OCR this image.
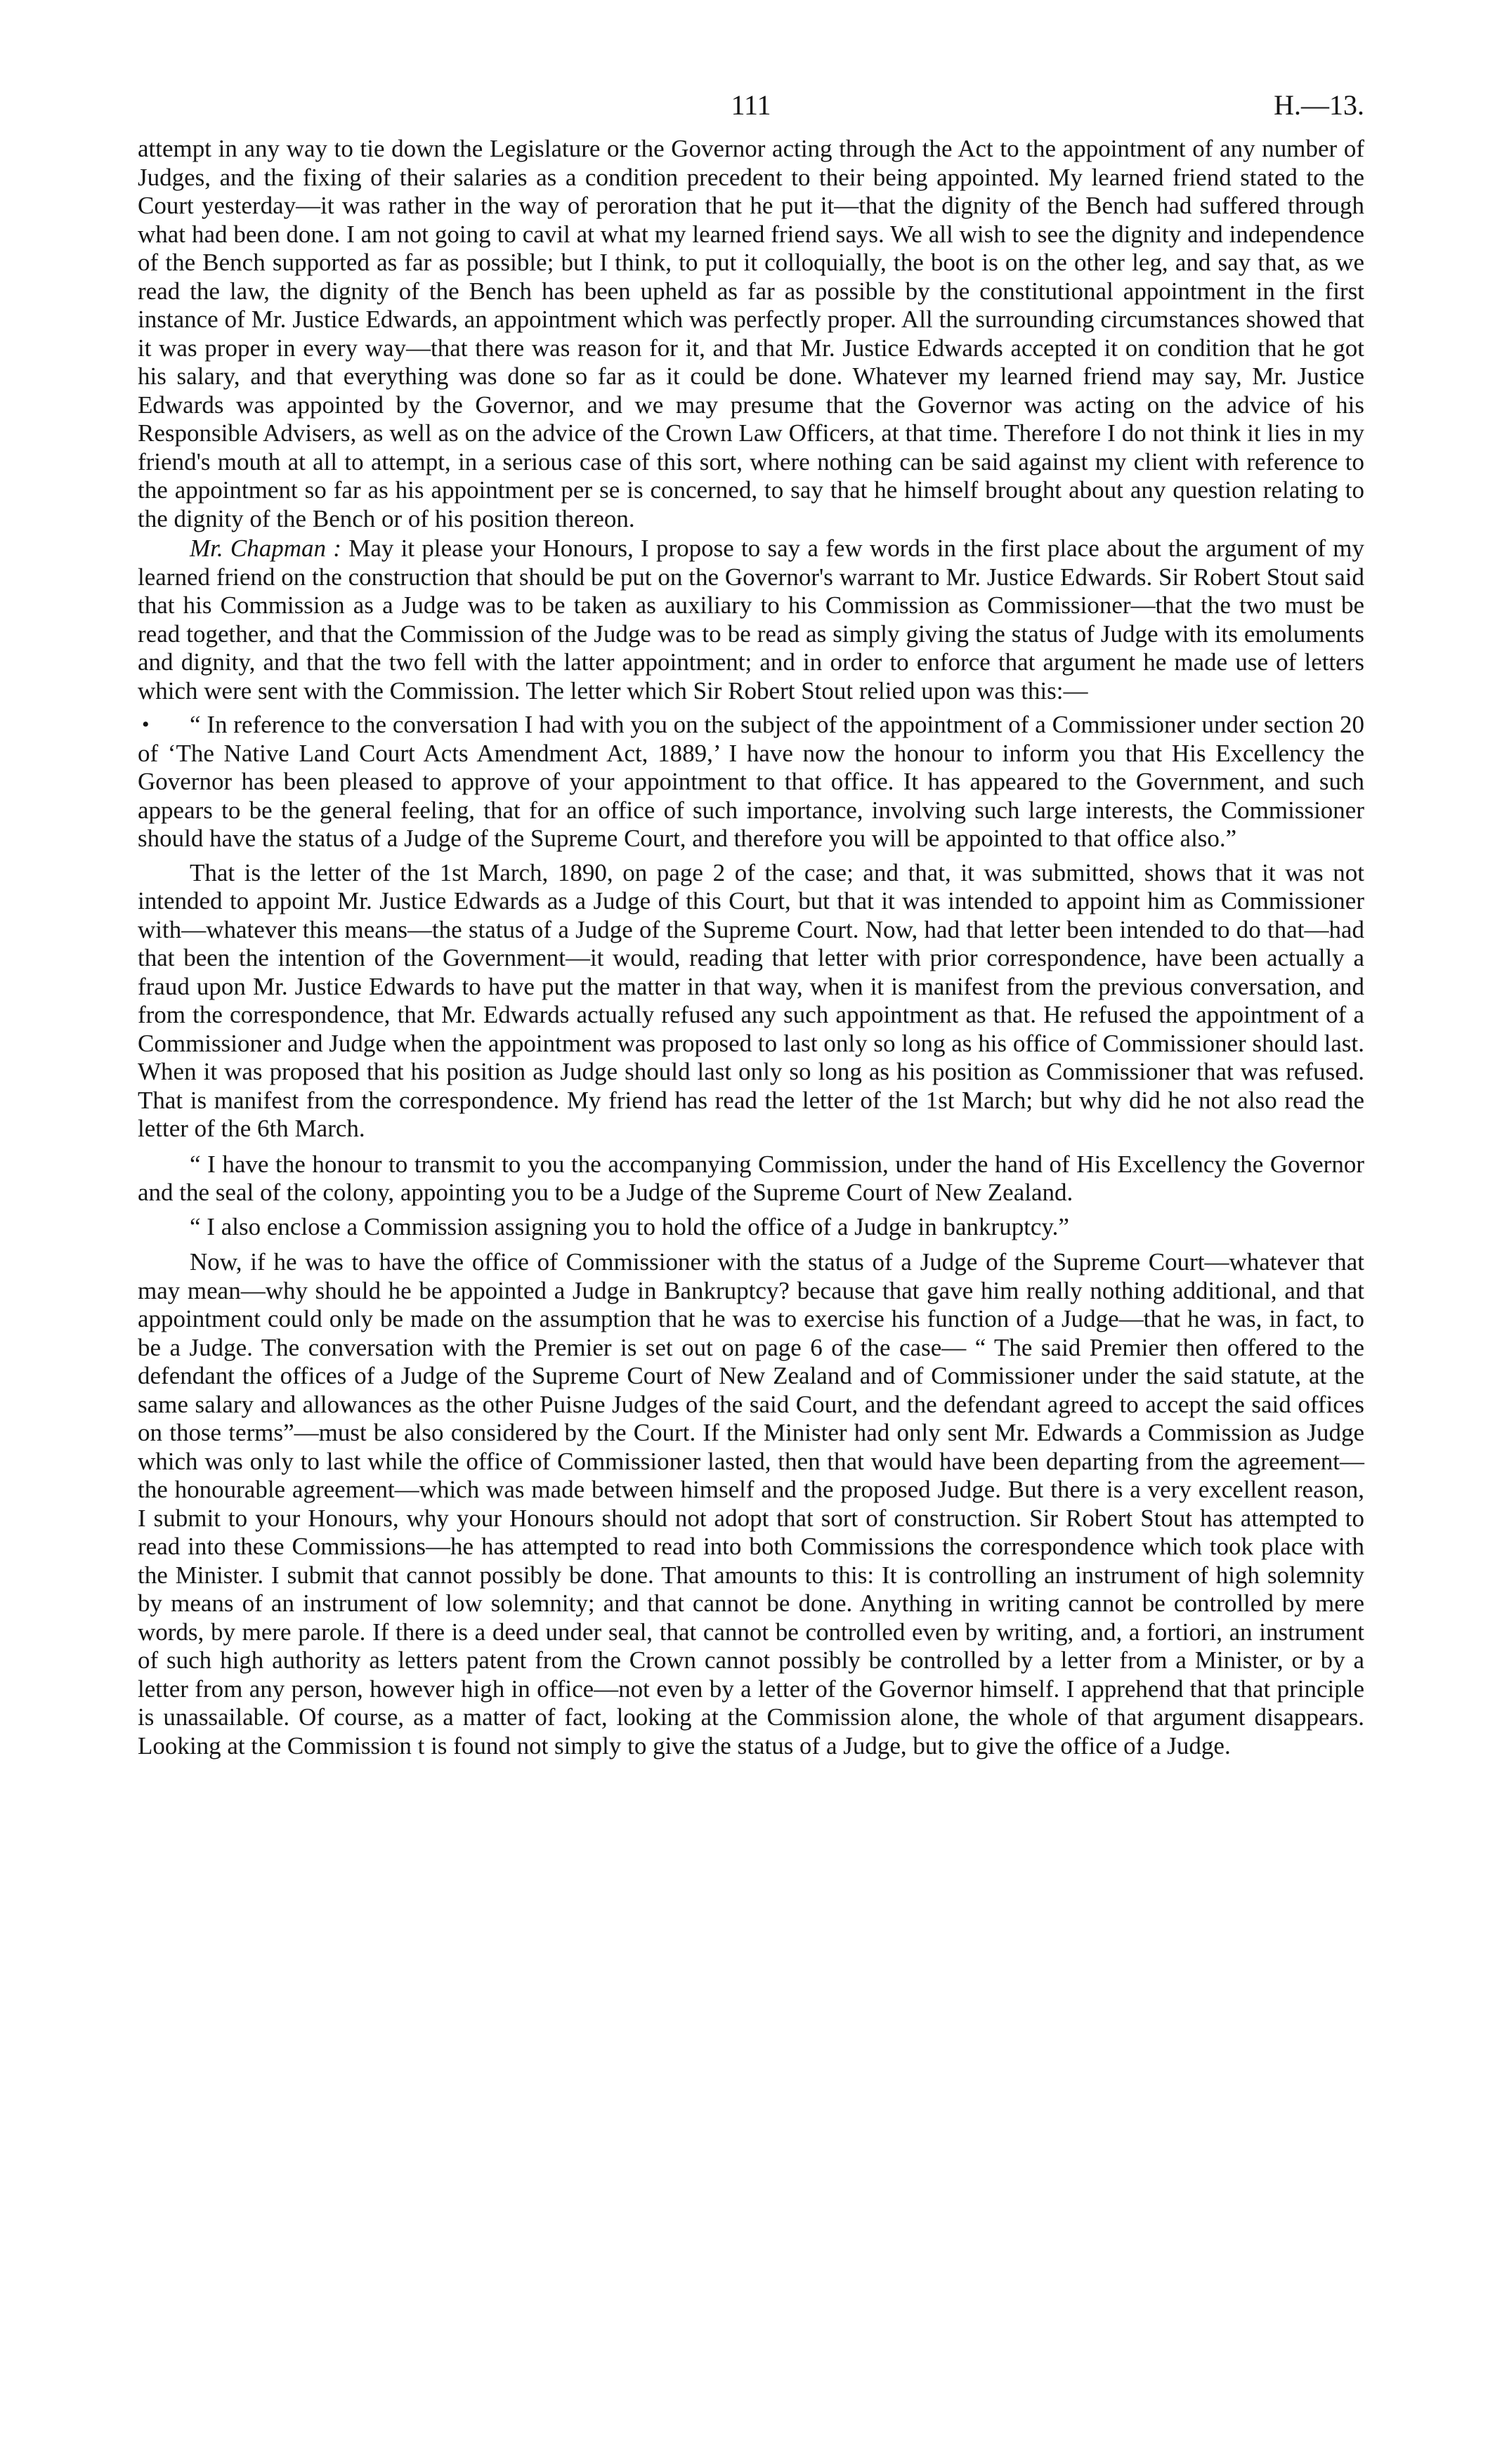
111	H.—13.

attempt in any way to tie down the Legislature or the Governor acting through the Act to the appointment of any number of Judges, and the fixing of their salaries as a condition precedent to their being appointed. My learned friend stated to the Court yesterday—it was rather in the way of peroration that he put it—that the dignity of the Bench had suffered through what had been done. I am not going to cavil at what my learned friend says. We all wish to see the dignity and independence of the Bench supported as far as possible; but I think, to put it colloquially, the boot is on the other leg, and say that, as we read the law, the dignity of the Bench has been upheld as far as possible by the constitutional appointment in the first instance of Mr. Justice Edwards, an appointment which was perfectly proper. All the surrounding circumstances showed that it was proper in every way—that there was reason for it, and that Mr. Justice Edwards accepted it on condition that he got his salary, and that everything was done so far as it could be done. Whatever my learned friend may say, Mr. Justice Edwards was appointed by the Governor, and we may presume that the Governor was acting on the advice of his Responsible Advisers, as well as on the advice of the Crown Law Officers, at that time. Therefore I do not think it lies in my friend's mouth at all to attempt, in a serious case of this sort, where nothing can be said against my client with reference to the appointment so far as his appointment per se is concerned, to say that he himself brought about any question relating to the dignity of the Bench or of his position thereon.

Mr. Chapman : May it please your Honours, I propose to say a few words in the first place about the argument of my learned friend on the construction that should be put on the Governor's warrant to Mr. Justice Edwards. Sir Robert Stout said that his Commission as a Judge was to be taken as auxiliary to his Commission as Commissioner—that the two must be read together, and that the Commission of the Judge was to be read as simply giving the status of Judge with its emoluments and dignity, and that the two fell with the latter appointment; and in order to enforce that argument he made use of letters which were sent with the Commission. The letter which Sir Robert Stout relied upon was this:—

• “ In reference to the conversation I had with you on the subject of the appointment of a Commissioner under section 20 of ‘The Native Land Court Acts Amendment Act, 1889,’ I have now the honour to inform you that His Excellency the Governor has been pleased to approve of your appointment to that office. It has appeared to the Government, and such appears to be the general feeling, that for an office of such importance, involving such large interests, the Commissioner should have the status of a Judge of the Supreme Court, and therefore you will be appointed to that office also.”

That is the letter of the 1st March, 1890, on page 2 of the case; and that, it was submitted, shows that it was not intended to appoint Mr. Justice Edwards as a Judge of this Court, but that it was intended to appoint him as Commissioner with—whatever this means—the status of a Judge of the Supreme Court. Now, had that letter been intended to do that—had that been the intention of the Government—it would, reading that letter with prior correspondence, have been actually a fraud upon Mr. Justice Edwards to have put the matter in that way, when it is manifest from the previous conversation, and from the correspondence, that Mr. Edwards actually refused any such appointment as that. He refused the appointment of a Commissioner and Judge when the appointment was proposed to last only so long as his office of Commissioner should last. When it was proposed that his position as Judge should last only so long as his position as Commissioner that was refused. That is manifest from the correspondence. My friend has read the letter of the 1st March; but why did he not also read the letter of the 6th March.

“ I have the honour to transmit to you the accompanying Commission, under the hand of His Excellency the Governor and the seal of the colony, appointing you to be a Judge of the Supreme Court of New Zealand.

“ I also enclose a Commission assigning you to hold the office of a Judge in bankruptcy.”

Now, if he was to have the office of Commissioner with the status of a Judge of the Supreme Court—whatever that may mean—why should he be appointed a Judge in Bankruptcy? because that gave him really nothing additional, and that appointment could only be made on the assumption that he was to exercise his function of a Judge—that he was, in fact, to be a Judge. The conversation with the Premier is set out on page 6 of the case— “ The said Premier then offered to the defendant the offices of a Judge of the Supreme Court of New Zealand and of Commissioner under the said statute, at the same salary and allowances as the other Puisne Judges of the said Court, and the defendant agreed to accept the said offices on those terms”—must be also considered by the Court. If the Minister had only sent Mr. Edwards a Commission as Judge which was only to last while the office of Commissioner lasted, then that would have been departing from the agreement—the honourable agreement—which was made between himself and the proposed Judge. But there is a very excellent reason, I submit to your Honours, why your Honours should not adopt that sort of construction. Sir Robert Stout has attempted to read into these Commissions—he has attempted to read into both Commissions the correspondence which took place with the Minister. I submit that cannot possibly be done. That amounts to this: It is controlling an instrument of high solemnity by means of an instrument of low solemnity; and that cannot be done. Anything in writing cannot be controlled by mere words, by mere parole. If there is a deed under seal, that cannot be controlled even by writing, and, a fortiori, an instrument of such high authority as letters patent from the Crown cannot possibly be controlled by a letter from a Minister, or by a letter from any person, however high in office—not even by a letter of the Governor himself. I apprehend that that principle is unassailable. Of course, as a matter of fact, looking at the Commission alone, the whole of that argument disappears. Looking at the Commission t is found not simply to give the status of a Judge, but to give the office of a Judge.
